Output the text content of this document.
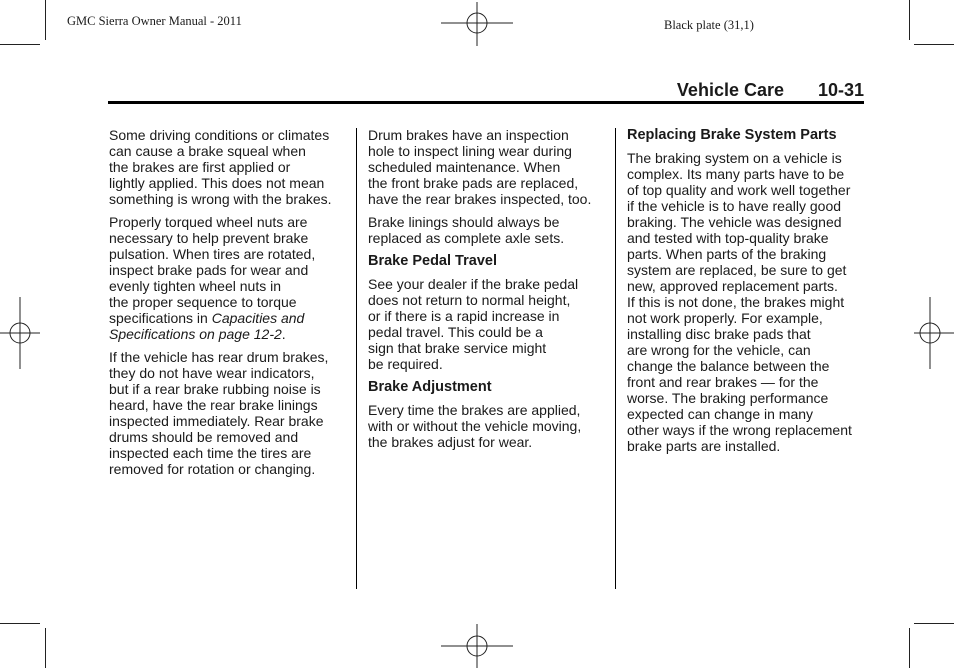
GMC Sierra Owner Manual - 2011	Black plate (31,1)
Vehicle Care 10-31

Some driving conditions or climates
can cause a brake squeal when
the brakes are first applied or
lightly applied. This does not mean
something is wrong with the brakes.

Properly torqued wheel nuts are
necessary to help prevent brake
pulsation. When tires are rotated,
inspect brake pads for wear and
evenly tighten wheel nuts in
the proper sequence to torque
specifications in Capacities and
Specifications on page 12-2.

If the vehicle has rear drum brakes,
they do not have wear indicators,
but if a rear brake rubbing noise is
heard, have the rear brake linings
inspected immediately. Rear brake
drums should be removed and
inspected each time the tires are
removed for rotation or changing.

Drum brakes have an inspection
hole to inspect lining wear during
scheduled maintenance. When
the front brake pads are replaced,
have the rear brakes inspected, too.

Brake linings should always be
replaced as complete axle sets.

Brake Pedal Travel

See your dealer if the brake pedal
does not return to normal height,
or if there is a rapid increase in
pedal travel. This could be a
sign that brake service might
be required.

Brake Adjustment

Every time the brakes are applied,
with or without the vehicle moving,
the brakes adjust for wear.

Replacing Brake System Parts

The braking system on a vehicle is
complex. Its many parts have to be
of top quality and work well together
if the vehicle is to have really good
braking. The vehicle was designed
and tested with top-quality brake
parts. When parts of the braking
system are replaced, be sure to get
new, approved replacement parts.
If this is not done, the brakes might
not work properly. For example,
installing disc brake pads that
are wrong for the vehicle, can
change the balance between the
front and rear brakes — for the
worse. The braking performance
expected can change in many
other ways if the wrong replacement
brake parts are installed.
